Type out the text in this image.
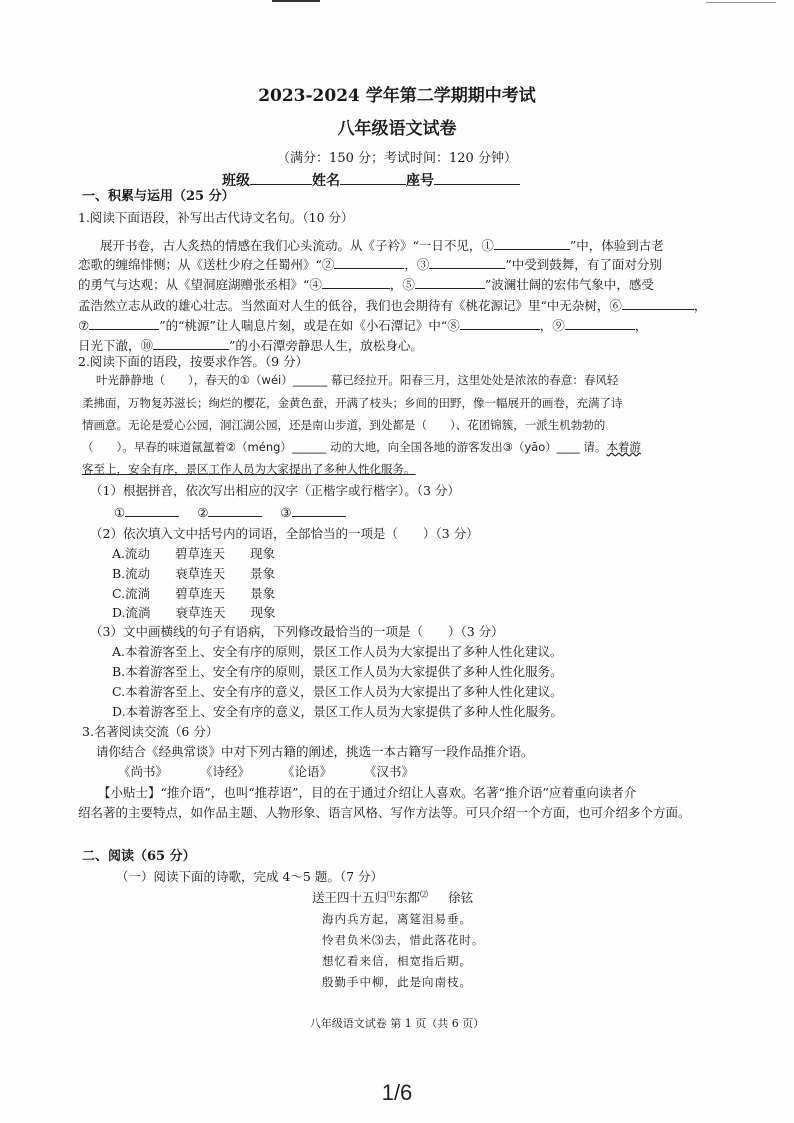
2023-2024 学年第二学期期中考试
八年级语文试卷
（满分：150 分；考试时间：120 分钟）
班级	姓名	座号
一、积累与运用（25 分）
1.阅读下面语段，补写出古代诗文名句。（10 分）
展开书卷，古人炙热的情感在我们心头流动。从《子衿》“一日不见，①	”中，体验到古老
恋歌的缠绵悱恻；从《送杜少府之任蜀州》“②	，③	”中受到鼓舞，有了面对分别
的勇气与达观；从《望洞庭湖赠张丞相》“④	，⑤	”波澜壮阔的宏伟气象中，感受
孟浩然立志从政的雄心壮志。当然面对人生的低谷，我们也会期待有《桃花源记》里“中无杂树，⑥	，
⑦	”的“桃源”让人喘息片刻，或是在如《小石潭记》中“⑧	，⑨	，
日光下澈，⑩	”的小石潭旁静思人生，放松身心。
2.阅读下面的语段，按要求作答。（9 分）
叶光静静地（　　），春天的①（wéi）______ 幕已经拉开。阳春三月，这里处处是浓浓的春意：春风轻
柔拂面，万物复苏滋长；绚烂的樱花，金黄色蚕，开满了枝头；乡间的田野，像一幅展开的画卷，充满了诗
情画意。无论是爱心公园，洞江湖公园，还是南山步道，到处都是（　　）、花团锦簇，一派生机勃勃的
（　　）。早春的味道氤氲着②（méng）______ 动的大地，向全国各地的游客发出③（yāo）____ 请。本着游
客至上，安全有序，景区工作人员为大家提出了多种人性化服务。
（1）根据拼音，依次写出相应的汉字（正楷字或行楷字）。（3 分）
①	②	③
（2）依次填入文中括号内的词语，全部恰当的一项是（　　）（3 分）
A.流动　　碧草连天　　现象
B.流动　　衰草连天　　景象
C.流淌　　碧草连天　　景象
D.流淌　　衰草连天　　现象
（3）文中画横线的句子有语病，下列修改最恰当的一项是（　　）（3 分）
A.本着游客至上、安全有序的原则，景区工作人员为大家提出了多种人性化建议。
B.本着游客至上、安全有序的原则，景区工作人员为大家提供了多种人性化服务。
C.本着游客至上、安全有序的意义，景区工作人员为大家提出了多种人性化建议。
D.本着游客至上、安全有序的意义，景区工作人员为大家提供了多种人性化服务。
3.名著阅读交流（6 分）
请你结合《经典常谈》中对下列古籍的阐述，挑选一本古籍写一段作品推介语。
《尚书》	《诗经》	《论语》	《汉书》
【小贴士】“推介语”，也叫“推荐语”，目的在于通过介绍让人喜欢。名著“推介语”应着重向读者介
绍名著的主要特点，如作品主题、人物形象、语言风格、写作方法等。可只介绍一个方面，也可介绍多个方面。
二、阅读（65 分）
（一）阅读下面的诗歌，完成 4～5 题。（7 分）
送王四十五归⑴东都⑵ 徐铉
海内兵方起，离筵泪易垂。
怜君负米⑶去，惜此落花时。
想忆看来信，相宽指后期。
殷勤手中柳，此是向南枝。
八年级语文试卷 第 1 页（共 6 页）
1/6
